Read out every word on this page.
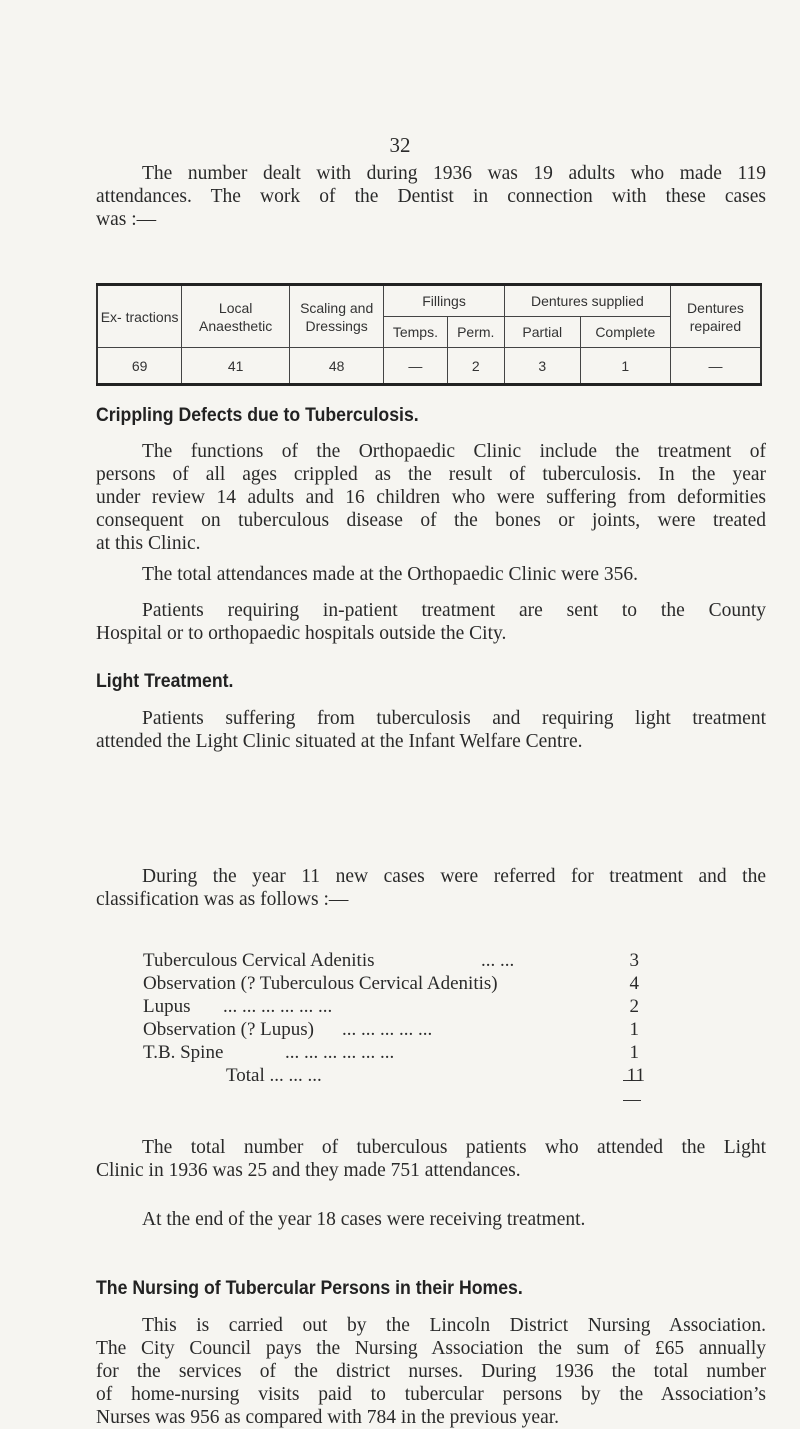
32
The number dealt with during 1936 was 19 adults who made 119
attendances. The work of the Dentist in connection with these cases
was :—
Ex- tractions	Local Anaesthetic	Scaling and Dressings	Fillings		Dentures supplied		Dentures repaired
			Temps.	Perm.	Partial	Complete	
69	41	48	—	2	3	1	—
Crippling Defects due to Tuberculosis.
The functions of the Orthopaedic Clinic include the treatment of
persons of all ages crippled as the result of tuberculosis. In the year
under review 14 adults and 16 children who were suffering from deformities
consequent on tuberculous disease of the bones or joints, were treated
at this Clinic.
The total attendances made at the Orthopaedic Clinic were 356.
Patients requiring in-patient treatment are sent to the County
Hospital or to orthopaedic hospitals outside the City.
Light Treatment.
Patients suffering from tuberculosis and requiring light treatment
attended the Light Clinic situated at the Infant Welfare Centre.
During the year 11 new cases were referred for treatment and the
classification was as follows :—
Tuberculous Cervical Adenitis	... ...	3
Observation (? Tuberculous Cervical Adenitis)	4
Lupus ... ... ... ... ... ...	2
Observation (? Lupus) ... ... ... ... ...	1
T.B. Spine	... ... ... ... ... ...	1
Total ... ... ...	11
The total number of tuberculous patients who attended the Light
Clinic in 1936 was 25 and they made 751 attendances.
At the end of the year 18 cases were receiving treatment.
The Nursing of Tubercular Persons in their Homes.
This is carried out by the Lincoln District Nursing Association.
The City Council pays the Nursing Association the sum of £65 annually
for the services of the district nurses. During 1936 the total number
of home-nursing visits paid to tubercular persons by the Association’s
Nurses was 956 as compared with 784 in the previous year.
